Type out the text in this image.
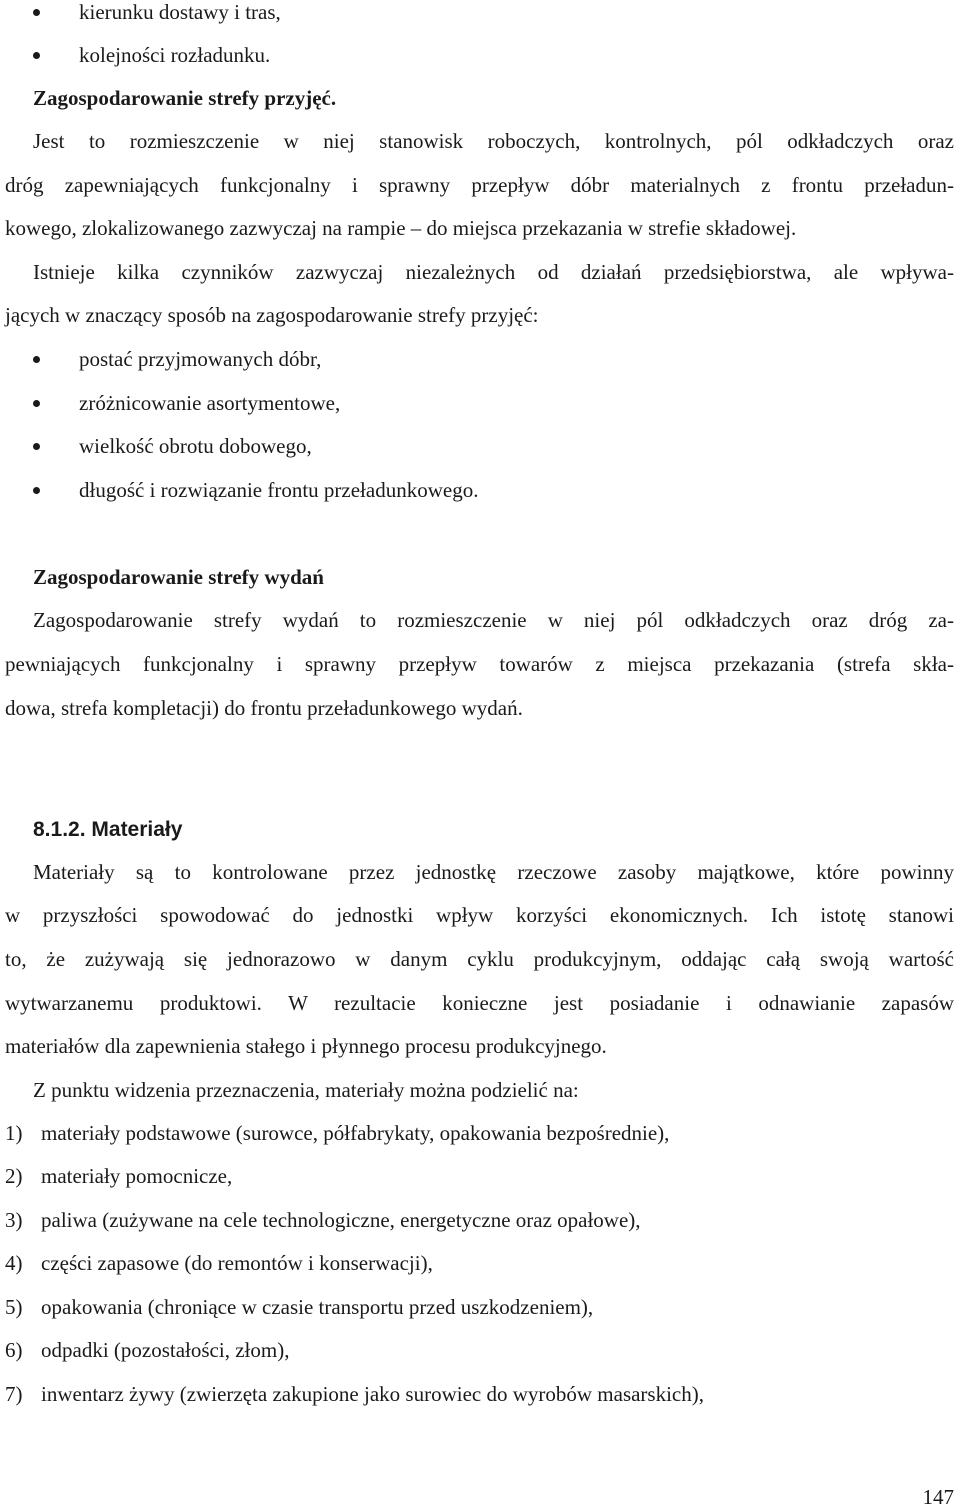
kierunku dostawy i tras,
kolejności rozładunku.
Zagospodarowanie strefy przyjęć.
Jest to rozmieszczenie w niej stanowisk roboczych, kontrolnych, pól odkładczych oraz
dróg zapewniających funkcjonalny i sprawny przepływ dóbr materialnych z frontu przeładun-
kowego, zlokalizowanego zazwyczaj na rampie – do miejsca przekazania w strefie składowej.
Istnieje kilka czynników zazwyczaj niezależnych od działań przedsiębiorstwa, ale wpływa-
jących w znaczący sposób na zagospodarowanie strefy przyjęć:
postać przyjmowanych dóbr,
zróżnicowanie asortymentowe,
wielkość obrotu dobowego,
długość i rozwiązanie frontu przeładunkowego.
Zagospodarowanie strefy wydań
Zagospodarowanie strefy wydań to rozmieszczenie w niej pól odkładczych oraz dróg za-
pewniających funkcjonalny i sprawny przepływ towarów z miejsca przekazania (strefa skła-
dowa, strefa kompletacji) do frontu przeładunkowego wydań.
8.1.2. Materiały
Materiały są to kontrolowane przez jednostkę rzeczowe zasoby majątkowe, które powinny
w przyszłości spowodować do jednostki wpływ korzyści ekonomicznych. Ich istotę stanowi
to, że zużywają się jednorazowo w danym cyklu produkcyjnym, oddając całą swoją wartość
wytwarzanemu produktowi. W rezultacie konieczne jest posiadanie i odnawianie zapasów
materiałów dla zapewnienia stałego i płynnego procesu produkcyjnego.
Z punktu widzenia przeznaczenia, materiały można podzielić na:
1) materiały podstawowe (surowce, półfabrykaty, opakowania bezpośrednie),
2) materiały pomocnicze,
3) paliwa (zużywane na cele technologiczne, energetyczne oraz opałowe),
4) części zapasowe (do remontów i konserwacji),
5) opakowania (chroniące w czasie transportu przed uszkodzeniem),
6) odpadki (pozostałości, złom),
7) inwentarz żywy (zwierzęta zakupione jako surowiec do wyrobów masarskich),
147
